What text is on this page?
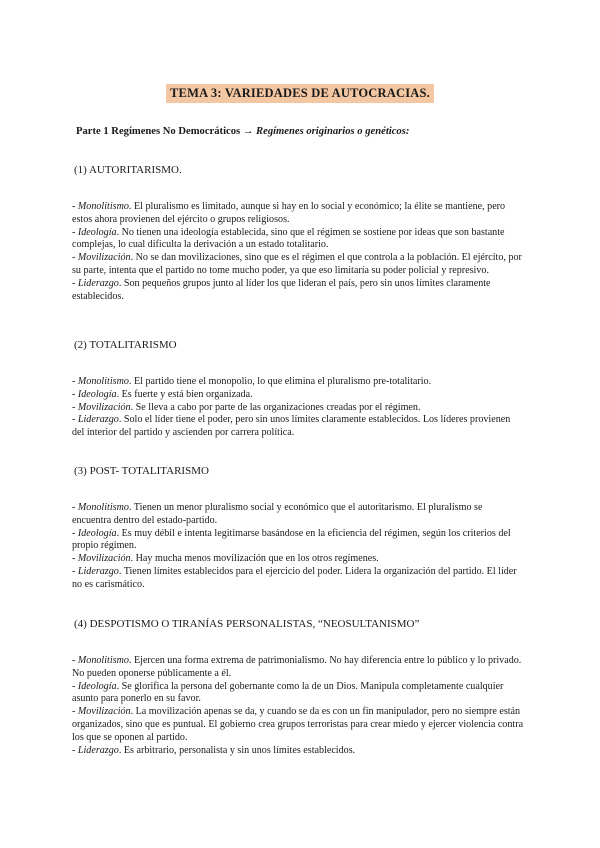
TEMA 3: VARIEDADES DE AUTOCRACIAS.
Parte 1 Regímenes No Democráticos → Regímenes originarios o genéticos:
(1) AUTORITARISMO.

- Monolitismo. El pluralismo es limitado, aunque si hay en lo social y económico; la élite se mantiene, pero estos ahora provienen del ejército o grupos religiosos.

- Ideología. No tienen una ideología establecida, sino que el régimen se sostiene por ideas que son bastante complejas, lo cual dificulta la derivación a un estado totalitario.

- Movilización. No se dan movilizaciones, sino que es el régimen el que controla a la población. El ejército, por su parte, intenta que el partido no tome mucho poder, ya que eso limitaría su poder policial y represivo.

- Liderazgo. Son pequeños grupos junto al líder los que lideran el país, pero sin unos límites claramente establecidos.

(2) TOTALITARISMO

- Monolitismo. El partido tiene el monopolio, lo que elimina el pluralismo pre-totalitario.

- Ideología. Es fuerte y está bien organizada.

- Movilización. Se lleva a cabo por parte de las organizaciones creadas por el régimen.

- Liderazgo. Solo el líder tiene el poder, pero sin unos límites claramente establecidos. Los líderes provienen del interior del partido y ascienden por carrera política.

(3) POST- TOTALITARISMO

- Monolitismo. Tienen un menor pluralismo social y económico que el autoritarismo. El pluralismo se encuentra dentro del estado-partido.

- Ideología. Es muy débil e intenta legitimarse basándose en la eficiencia del régimen, según los criterios del propio régimen.

- Movilización. Hay mucha menos movilización que en los otros regímenes.

- Liderazgo. Tienen límites establecidos para el ejercicio del poder. Lidera la organización del partido. El líder no es carismático.

(4) DESPOTISMO O TIRANÍAS PERSONALISTAS, “NEOSULTANISMO”

- Monolitismo. Ejercen una forma extrema de patrimonialismo. No hay diferencia entre lo público y lo privado. No pueden oponerse públicamente a él.

- Ideología. Se glorifica la persona del gobernante como la de un Dios. Manipula completamente cualquier asunto para ponerlo en su favor.

- Movilización. La movilización apenas se da, y cuando se da es con un fin manipulador, pero no siempre están organizados, sino que es puntual. El gobierno crea grupos terroristas para crear miedo y ejercer violencia contra los que se oponen al partido.

- Liderazgo. Es arbitrario, personalista y sin unos límites establecidos.
